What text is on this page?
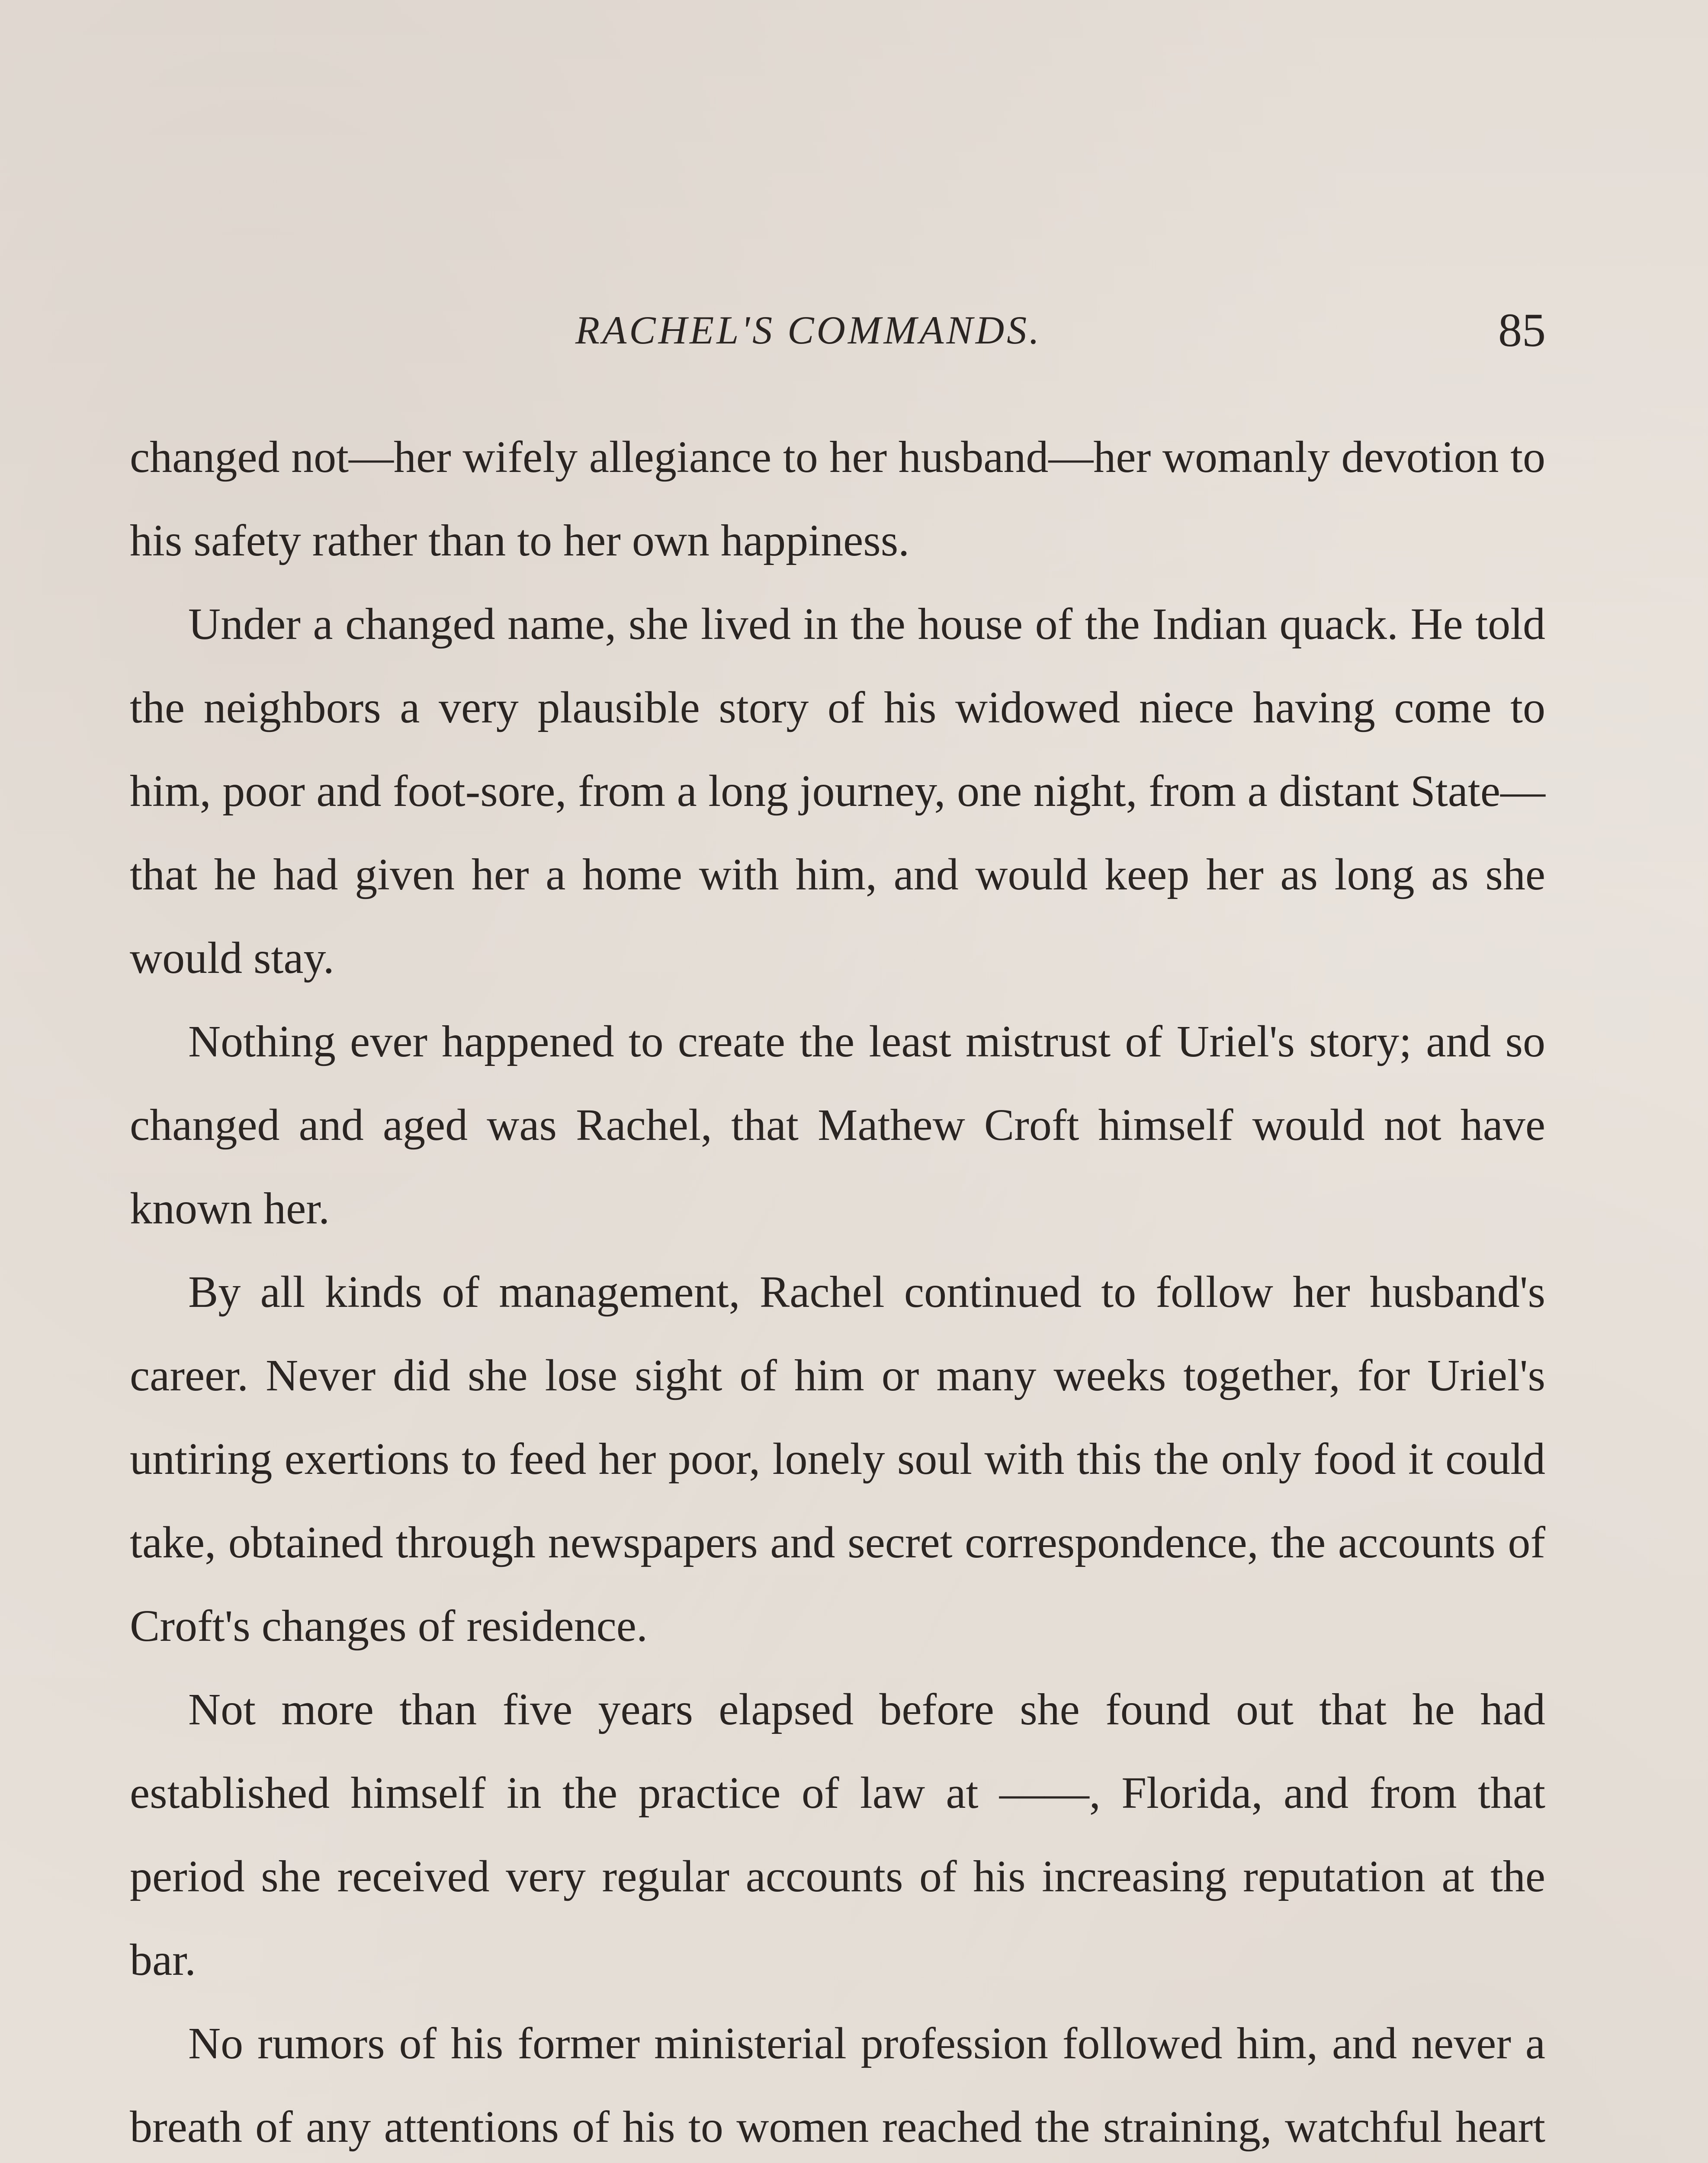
RACHEL'S COMMANDS.	85

changed not—her wifely allegiance to her husband—her womanly devotion to his safety rather than to her own happiness.

Under a changed name, she lived in the house of the Indian quack. He told the neighbors a very plausible story of his widowed niece having come to him, poor and foot-sore, from a long journey, one night, from a distant State—that he had given her a home with him, and would keep her as long as she would stay.

Nothing ever happened to create the least mistrust of Uriel's story; and so changed and aged was Rachel, that Mathew Croft himself would not have known her.

By all kinds of management, Rachel continued to follow her husband's career. Never did she lose sight of him or many weeks together, for Uriel's untiring exertions to feed her poor, lonely soul with this the only food it could take, obtained through newspapers and secret correspondence, the accounts of Croft's changes of residence.

Not more than five years elapsed before she found out that he had established himself in the practice of law at ——, Florida, and from that period she received very regular accounts of his increasing reputation at the bar.

No rumors of his former ministerial profession followed him, and never a breath of any attentions of his to women reached the straining, watchful heart
